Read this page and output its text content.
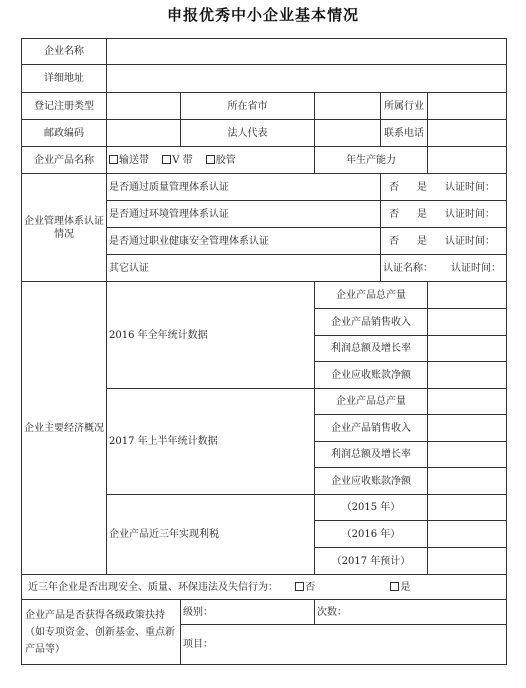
申报优秀中小企业基本情况
企业名称					
详细地址					
登记注册类型		所在省市		所属行业	
邮政编码		法人代表		联系电话	
企业产品名称	输送带 V 带 胶管		年生产能力		
企业管理体系认证情况	是否通过质量管理体系认证			否 是 认证时间：	
	是否通过环境管理体系认证			否 是 认证时间：	
	是否通过职业健康安全管理体系认证			否 是 认证时间：	
	其它认证			认证名称： 认证时间：	
企业主要经济概况	2016 年全年统计数据		企业产品总产量		
			企业产品销售收入		
			利润总额及增长率		
			企业应收账款净额		
	2017 年上半年统计数据		企业产品总产量		
			企业产品销售收入		
			利润总额及增长率		
			企业应收账款净额		
	企业产品近三年实现利税		（2015 年）		
			（2016 年）		
			（2017 年预计）		
近三年企业是否出现安全、质量、环保违法及失信行为： 否 是					
企业产品是否获得各级政策扶持（如专项资金、创新基金、重点新产品等）		级别：	次数：		
		项目：			
